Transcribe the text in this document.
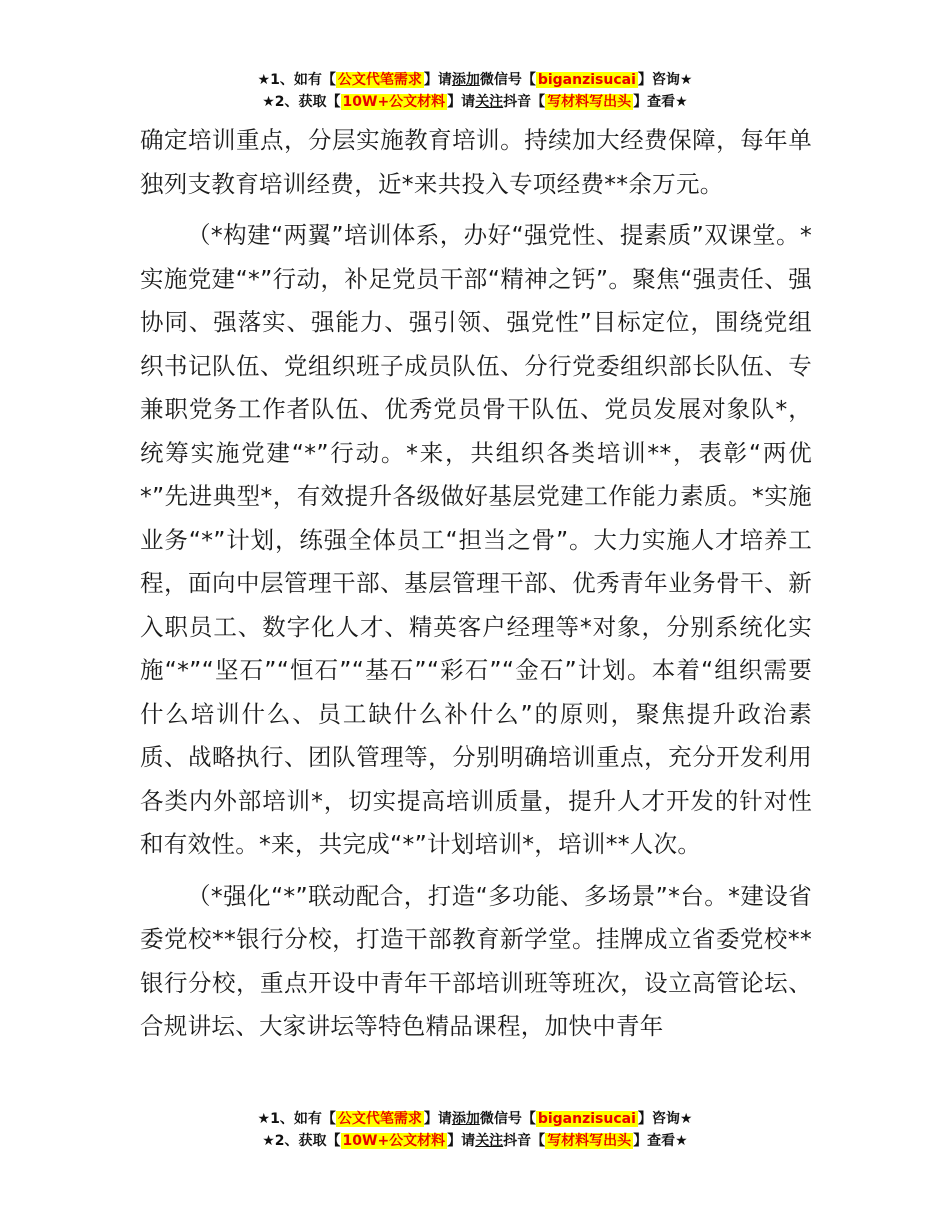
★1、如有【 公文代笔需求 】请添加微信号【 biganzisucai 】咨询★
★2、获取【 10W+公文材料 】请关注抖音【 写材料写出头 】查看★

确定培训重点，分层实施教育培训。持续加大经费保障，每年单独列支教育培训经费，近*来共投入专项经费**余万元。

（*构建“两翼”培训体系，办好“强党性、提素质”双课堂。*实施党建“*”行动，补足党员干部“精神之钙”。聚焦“强责任、强协同、强落实、强能力、强引领、强党性”目标定位，围绕党组织书记队伍、党组织班子成员队伍、分行党委组织部长队伍、专兼职党务工作者队伍、优秀党员骨干队伍、党员发展对象队*，统筹实施党建“*”行动。*来，共组织各类培训**，表彰“两优*”先进典型*，有效提升各级做好基层党建工作能力素质。*实施业务“*”计划，练强全体员工“担当之骨”。大力实施人才培养工程，面向中层管理干部、基层管理干部、优秀青年业务骨干、新入职员工、数字化人才、精英客户经理等*对象，分别系统化实施“*”“坚石”“恒石”“基石”“彩石”“金石”计划。本着“组织需要什么培训什么、员工缺什么补什么”的原则，聚焦提升政治素质、战略执行、团队管理等，分别明确培训重点，充分开发利用各类内外部培训*，切实提高培训质量，提升人才开发的针对性和有效性。*来，共完成“*”计划培训*，培训**人次。

（*强化“*”联动配合，打造“多功能、多场景”*台。*建设省委党校**银行分校，打造干部教育新学堂。挂牌成立省委党校**银行分校，重点开设中青年干部培训班等班次，设立高管论坛、合规讲坛、大家讲坛等特色精品课程，加快中青年

★1、如有【 公文代笔需求 】请添加微信号【 biganzisucai 】咨询★
★2、获取【 10W+公文材料 】请关注抖音【 写材料写出头 】查看★
